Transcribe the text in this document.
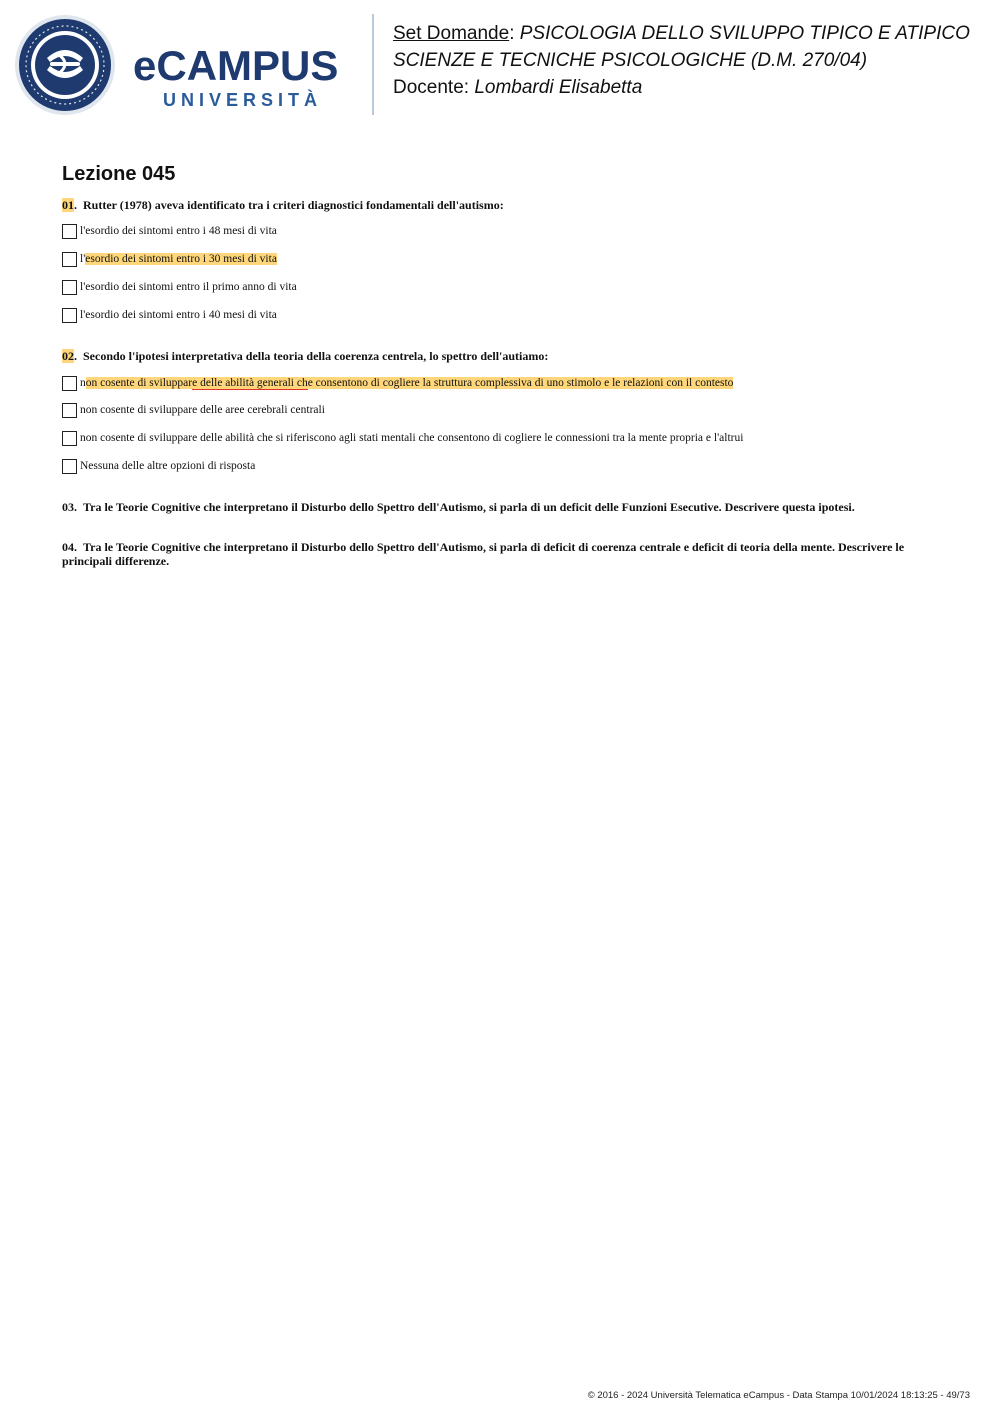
eCAMPUS
UNIVERSITÀ
Set Domande: PSICOLOGIA DELLO SVILUPPO TIPICO E ATIPICO
SCIENZE E TECNICHE PSICOLOGICHE (D.M. 270/04)
Docente: Lombardi Elisabetta
Lezione 045
01. Rutter (1978) aveva identificato tra i criteri diagnostici fondamentali dell'autismo:
l'esordio dei sintomi entro i 48 mesi di vita
l' esordio dei sintomi entro i 30 mesi di vita
l'esordio dei sintomi entro il primo anno di vita
l'esordio dei sintomi entro i 40 mesi di vita
02. Secondo l'ipotesi interpretativa della teoria della coerenza centrela, lo spettro dell'autiamo:
n on cosente di sviluppar e delle abilità generali ch e consentono di cogliere la struttura complessiva di uno stimolo e le relazioni con il contesto
non cosente di sviluppare delle aree cerebrali centrali
non cosente di sviluppare delle abilità che si riferiscono agli stati mentali che consentono di cogliere le connessioni tra la mente propria e l'altrui
Nessuna delle altre opzioni di risposta
03. Tra le Teorie Cognitive che interpretano il Disturbo dello Spettro dell'Autismo, si parla di un deficit delle Funzioni Esecutive. Descrivere questa ipotesi.
04. Tra le Teorie Cognitive che interpretano il Disturbo dello Spettro dell'Autismo, si parla di deficit di coerenza centrale e deficit di teoria della mente. Descrivere le principali differenze.
© 2016 - 2024 Università Telematica eCampus - Data Stampa 10/01/2024 18:13:25 - 49/73
